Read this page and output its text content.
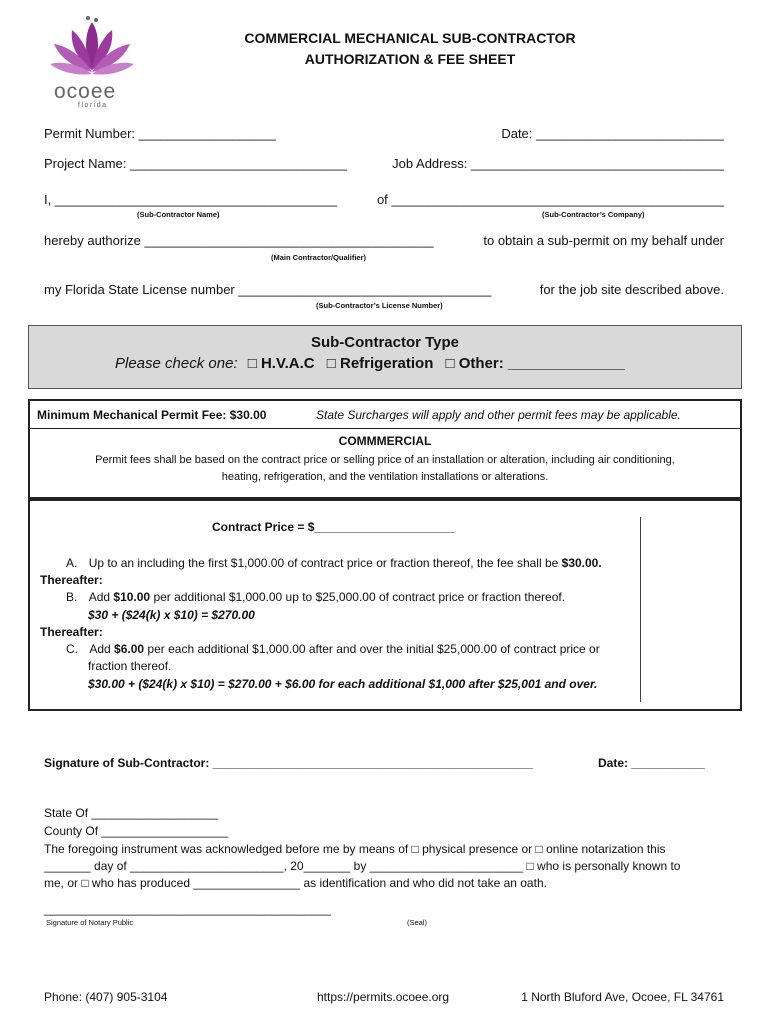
ocoee
florida
COMMERCIAL MECHANICAL SUB-CONTRACTOR
AUTHORIZATION & FEE SHEET
Permit Number: ___________________	Date: __________________________
Project Name: ______________________________	Job Address: ___________________________________
I, _______________________________________	of ______________________________________________
(Sub-Contractor Name)	(Sub-Contractor’s Company)
hereby authorize ________________________________________	to obtain a sub-permit on my behalf under
(Main Contractor/Qualifier)
my Florida State License number ___________________________________	for the job site described above.
(Sub-Contractor’s License Number)
Sub-Contractor Type
Please check one: □ H.V.A.C □ Refrigeration □ Other: ______________
Minimum Mechanical Permit Fee: $30.00	State Surcharges will apply and other permit fees may be applicable.
COMMMERCIAL
Permit fees shall be based on the contract price or selling price of an installation or alteration, including air conditioning,
heating, refrigeration, and the ventilation installations or alterations.
Contract Price = $_____________________
A. Up to an including the first $1,000.00 of contract price or fraction thereof, the fee shall be $30.00.
Thereafter:
B. Add $10.00 per additional $1,000.00 up to $25,000.00 of contract price or fraction thereof.
$30 + ($24(k) x $10) = $270.00
Thereafter:
C. Add $6.00 per each additional $1,000.00 after and over the initial $25,000.00 of contract price or
fraction thereof.
$30.00 + ($24(k) x $10) = $270.00 + $6.00 for each additional $1,000 after $25,001 and over.
Signature of Sub-Contractor: ________________________________________________	Date: ___________
State Of ___________________
County Of ___________________
The foregoing instrument was acknowledged before me by means of □ physical presence or □ online notarization this
_______ day of _______________________, 20_______ by _______________________ □ who is personally known to
me, or □ who has produced ________________ as identification and who did not take an oath.
___________________________________________
Signature of Notary Public	(Seal)
Phone: (407) 905-3104	https://permits.ocoee.org	1 North Bluford Ave, Ocoee, FL 34761
